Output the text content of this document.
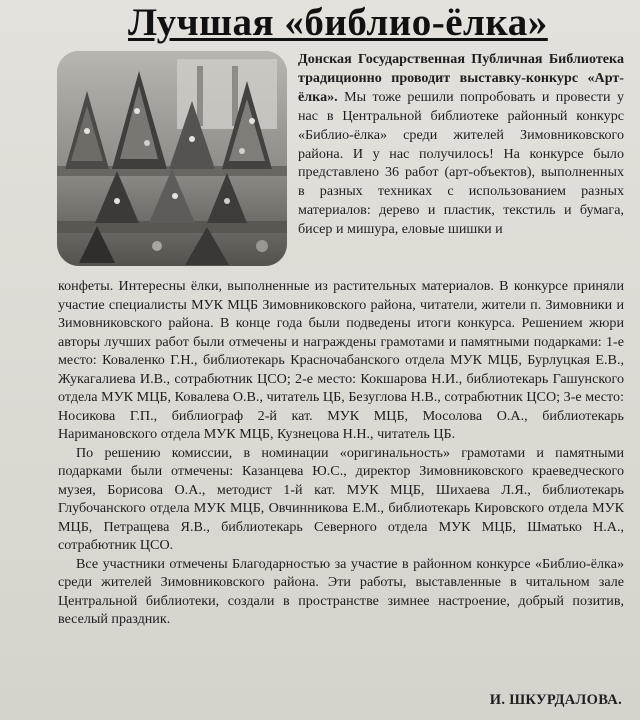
Лучшая «библио-ёлка»

Донская Государственная Публичная Библиотека традиционно проводит выставку-конкурс «Арт-ёлка». Мы тоже решили попробовать и провести у нас в Центральной библиотеке районный конкурс «Библио-ёлка» среди жителей Зимовниковского района. И у нас получилось! На конкурсе было представлено 36 работ (арт-объектов), выполненных в разных техниках с использованием разных материалов: дерево и пластик, текстиль и бумага, бисер и мишура, еловые шишки и

конфеты. Интересны ёлки, выполненные из растительных материалов. В конкурсе приняли участие специалисты МУК МЦБ Зимовниковского района, читатели, жители п. Зимовники и Зимовниковского района. В конце года были подведены итоги конкурса. Решением жюри авторы лучших работ были отмечены и награждены грамотами и памятными подарками: 1-е место: Коваленко Г.Н., библиотекарь Красночабанского отдела МУК МЦБ, Бурлуцкая Е.В., Жукагалиева И.В., сотрабютник ЦСО; 2-е место: Кокшарова Н.И., библиотекарь Гашунского отдела МУК МЦБ, Ковалева О.В., читатель ЦБ, Безуглова Н.В., сотрабютник ЦСО; 3-е место: Носикова Г.П., библиограф 2-й кат. МУК МЦБ, Мосолова О.А., библиотекарь Наримановского отдела МУК МЦБ, Кузнецова Н.Н., читатель ЦБ.

По решению комиссии, в номинации «оригинальность» грамотами и памятными подарками были отмечены: Казанцева Ю.С., директор Зимовниковского краеведческого музея, Борисова О.А., методист 1-й кат. МУК МЦБ, Шихаева Л.Я., библиотекарь Глубочанского отдела МУК МЦБ, Овчинникова Е.М., библиотекарь Кировского отдела МУК МЦБ, Петращева Я.В., библиотекарь Северного отдела МУК МЦБ, Шматько Н.А., сотрабютник ЦСО.

Все участники отмечены Благодарностью за участие в районном конкурсе «Библио-ёлка» среди жителей Зимовниковского района. Эти работы, выставленные в читальном зале Центральной библиотеки, создали в пространстве зимнее настроение, добрый позитив, веселый праздник.

И. ШКУРДАЛОВА.
